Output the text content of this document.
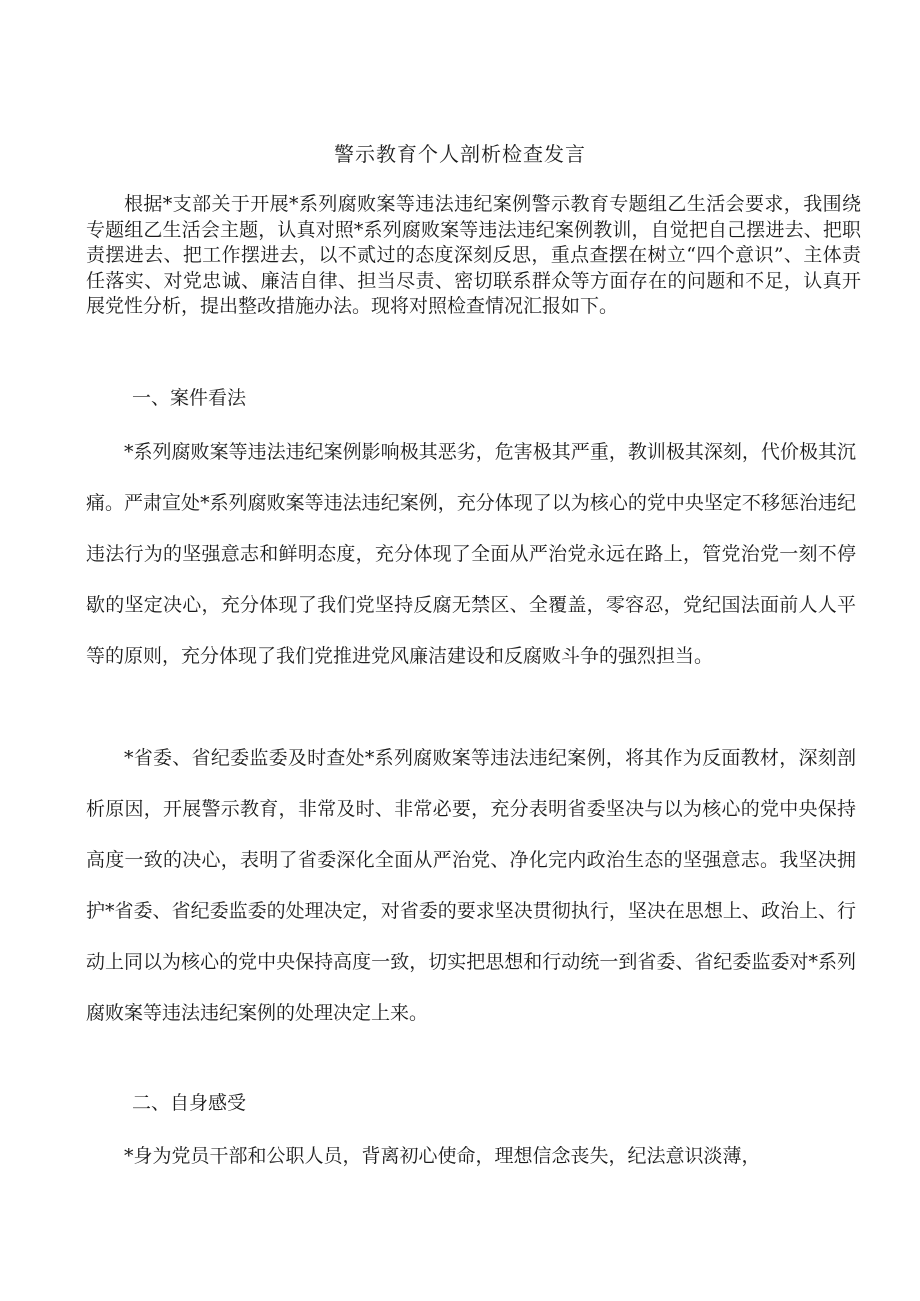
警示教育个人剖析检查发言

根据*支部关于开展*系列腐败案等违法违纪案例警示教育专题组乙生活会要求，我围绕专题组乙生活会主题，认真对照*系列腐败案等违法违纪案例教训，自觉把自己摆进去、把职责摆进去、把工作摆进去，以不贰过的态度深刻反思，重点查摆在树立“四个意识”、主体责任落实、对党忠诚、廉洁自律、担当尽责、密切联系群众等方面存在的问题和不足，认真开展党性分析，提出整改措施办法。现将对照检查情况汇报如下。

一、案件看法

*系列腐败案等违法违纪案例影响极其恶劣，危害极其严重，教训极其深刻，代价极其沉痛。严肃宣处*系列腐败案等违法违纪案例，充分体现了以为核心的党中央坚定不移惩治违纪违法行为的坚强意志和鲜明态度，充分体现了全面从严治党永远在路上，管党治党一刻不停歇的坚定决心，充分体现了我们党坚持反腐无禁区、全覆盖，零容忍，党纪国法面前人人平等的原则，充分体现了我们党推进党风廉洁建设和反腐败斗争的强烈担当。

*省委、省纪委监委及时查处*系列腐败案等违法违纪案例，将其作为反面教材，深刻剖析原因，开展警示教育，非常及时、非常必要，充分表明省委坚决与以为核心的党中央保持高度一致的决心，表明了省委深化全面从严治党、净化完内政治生态的坚强意志。我坚决拥护*省委、省纪委监委的处理决定，对省委的要求坚决贯彻执行，坚决在思想上、政治上、行动上同以为核心的党中央保持高度一致，切实把思想和行动统一到省委、省纪委监委对*系列腐败案等违法违纪案例的处理决定上来。

二、自身感受

*身为党员干部和公职人员，背离初心使命，理想信念丧失，纪法意识淡薄，
